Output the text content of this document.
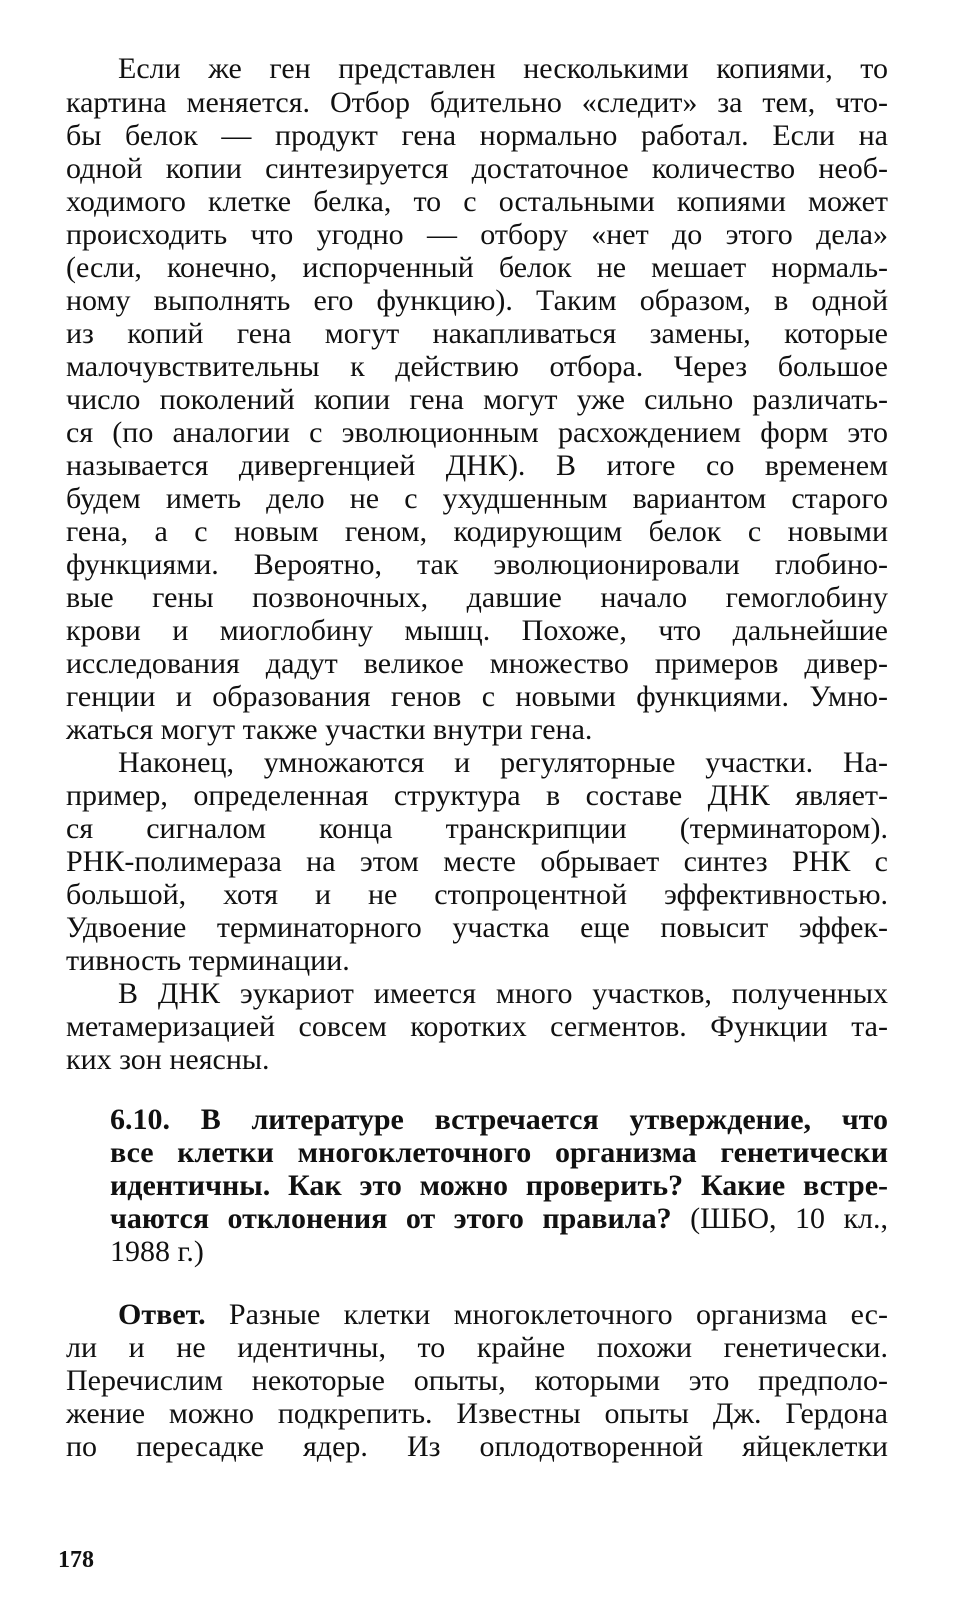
Если же ген представлен несколькими копиями, то
картина меняется. Отбор бдительно «следит» за тем, что-
бы белок — продукт гена нормально работал. Если на
одной копии синтезируется достаточное количество необ-
ходимого клетке белка, то с остальными копиями может
происходить что угодно — отбору «нет до этого дела»
(если, конечно, испорченный белок не мешает нормаль-
ному выполнять его функцию). Таким образом, в одной
из копий гена могут накапливаться замены, которые
малочувствительны к действию отбора. Через большое
число поколений копии гена могут уже сильно различать-
ся (по аналогии с эволюционным расхождением форм это
называется дивергенцией ДНК). В итоге со временем
будем иметь дело не с ухудшенным вариантом старого
гена, а с новым геном, кодирующим белок с новыми
функциями. Вероятно, так эволюционировали глобино-
вые гены позвоночных, давшие начало гемоглобину
крови и миоглобину мышц. Похоже, что дальнейшие
исследования дадут великое множество примеров дивер-
генции и образования генов с новыми функциями. Умно-
жаться могут также участки внутри гена.
Наконец, умножаются и регуляторные участки. На-
пример, определенная структура в составе ДНК являет-
ся сигналом конца транскрипции (терминатором).
РНК-полимераза на этом месте обрывает синтез РНК с
большой, хотя и не стопроцентной эффективностью.
Удвоение терминаторного участка еще повысит эффек-
тивность терминации.
В ДНК эукариот имеется много участков, полученных
метамеризацией совсем коротких сегментов. Функции та-
ких зон неясны.
6.10. В литературе встречается утверждение, что
все клетки многоклеточного организма генетически
идентичны. Как это можно проверить? Какие встре-
чаются отклонения от этого правила? (ШБО, 10 кл.,
1988 г.)
Ответ. Разные клетки многоклеточного организма ес-
ли и не идентичны, то крайне похожи генетически.
Перечислим некоторые опыты, которыми это предполо-
жение можно подкрепить. Известны опыты Дж. Гердона
по пересадке ядер. Из оплодотворенной яйцеклетки
178
